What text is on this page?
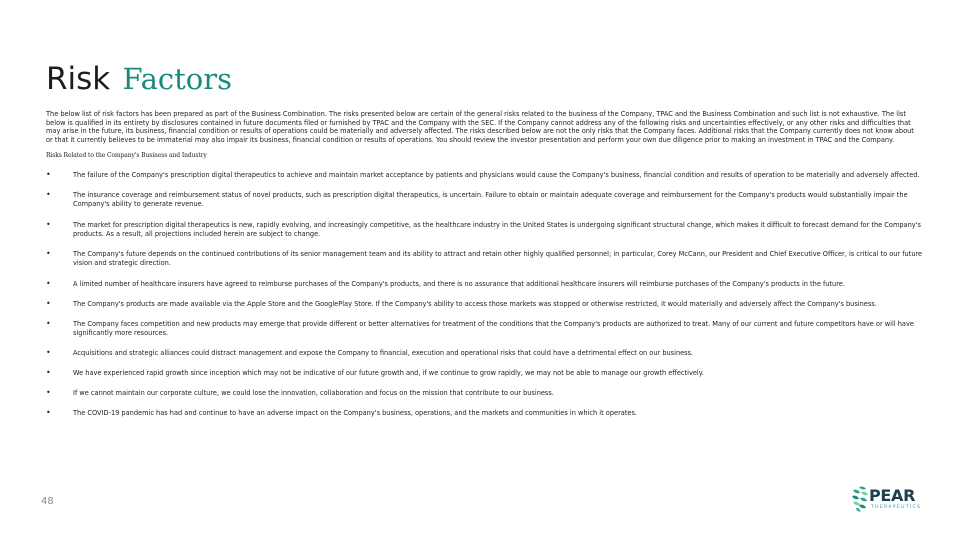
Risk Factors

The below list of risk factors has been prepared as part of the Business Combination. The risks presented below are certain of the general risks related to the business of the Company, TPAC and the Business Combination and such list is not exhaustive. The list below is qualified in its entirety by disclosures contained in future documents filed or furnished by TPAC and the Company with the SEC. If the Company cannot address any of the following risks and uncertainties effectively, or any other risks and difficulties that may arise in the future, its business, financial condition or results of operations could be materially and adversely affected. The risks described below are not the only risks that the Company faces. Additional risks that the Company currently does not know about or that it currently believes to be immaterial may also impair its business, financial condition or results of operations. You should review the investor presentation and perform your own due diligence prior to making an investment in TPAC and the Company.

Risks Related to the Company's Business and Industry

•	The failure of the Company's prescription digital therapeutics to achieve and maintain market acceptance by patients and physicians would cause the Company's business, financial condition and results of operation to be materially and adversely affected.
•	The insurance coverage and reimbursement status of novel products, such as prescription digital therapeutics, is uncertain. Failure to obtain or maintain adequate coverage and reimbursement for the Company's products would substantially impair the Company's ability to generate revenue.
•	The market for prescription digital therapeutics is new, rapidly evolving, and increasingly competitive, as the healthcare industry in the United States is undergoing significant structural change, which makes it difficult to forecast demand for the Company's products. As a result, all projections included herein are subject to change.
•	The Company's future depends on the continued contributions of its senior management team and its ability to attract and retain other highly qualified personnel; in particular, Corey McCann, our President and Chief Executive Officer, is critical to our future vision and strategic direction.
•	A limited number of healthcare insurers have agreed to reimburse purchases of the Company's products, and there is no assurance that additional healthcare insurers will reimburse purchases of the Company's products in the future.
•	The Company's products are made available via the Apple Store and the GooglePlay Store. If the Company's ability to access those markets was stopped or otherwise restricted, it would materially and adversely affect the Company's business.
•	The Company faces competition and new products may emerge that provide different or better alternatives for treatment of the conditions that the Company's products are authorized to treat. Many of our current and future competitors have or will have significantly more resources.
•	Acquisitions and strategic alliances could distract management and expose the Company to financial, execution and operational risks that could have a detrimental effect on our business.
•	We have experienced rapid growth since inception which may not be indicative of our future growth and, if we continue to grow rapidly, we may not be able to manage our growth effectively.
•	If we cannot maintain our corporate culture, we could lose the innovation, collaboration and focus on the mission that contribute to our business.
•	The COVID-19 pandemic has had and continue to have an adverse impact on the Company's business, operations, and the markets and communities in which it operates.
48	PEAR
THERAPEUTICS
